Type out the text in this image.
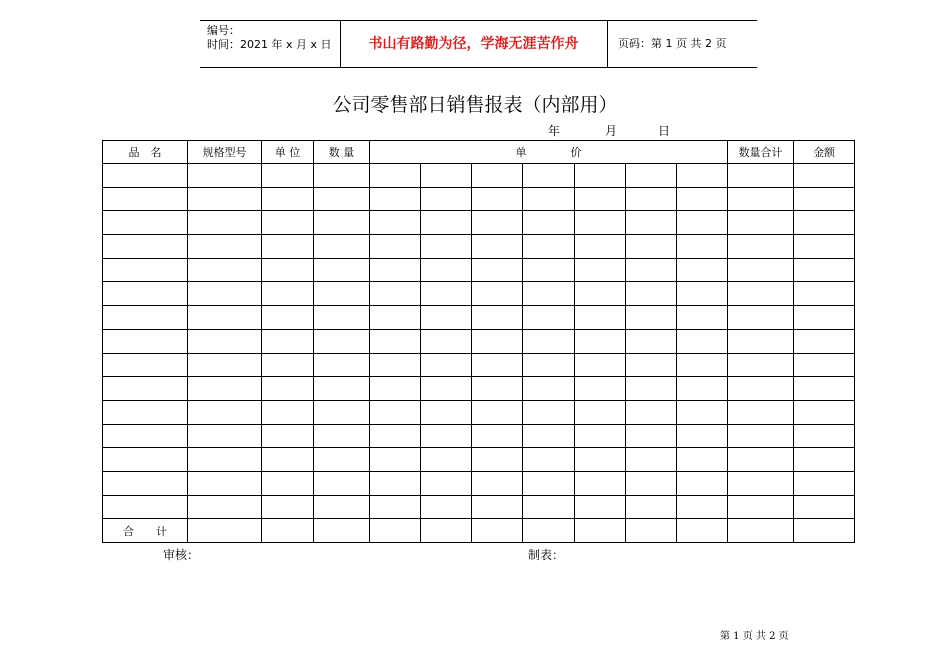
编号：
时间：2021 年 x 月 x 日	书山有路勤为径，学海无涯苦作舟	页码：第 1 页 共 2 页
公司零售部日销售报表（内部用）
年	月	日
品　名	规格型号	单 位	数 量	单　　　　价							数量合计	金额

合　　计												
审核：	制表：
第 1 页 共 2 页
